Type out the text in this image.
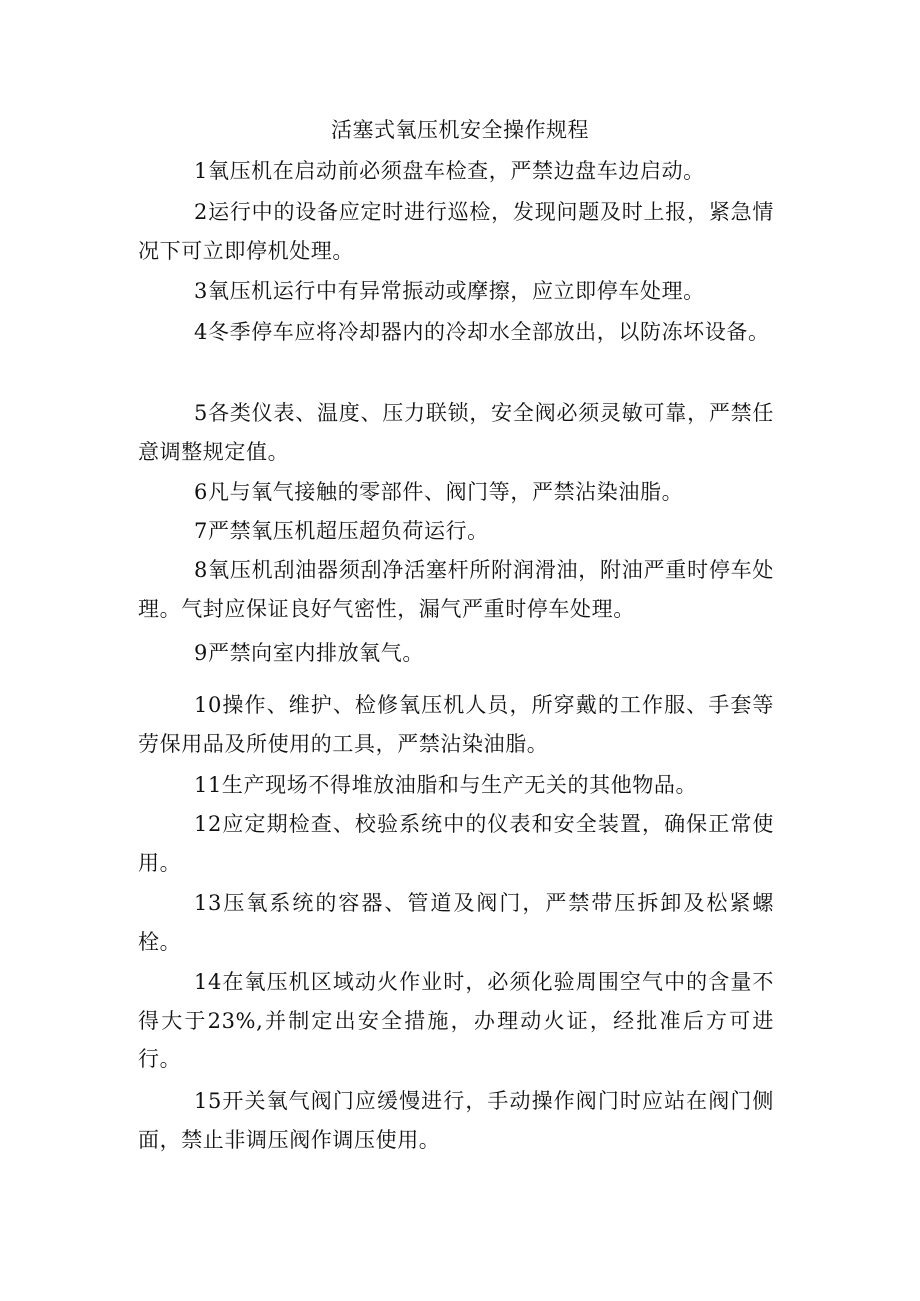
活塞式氧压机安全操作规程

1氧压机在启动前必须盘车检查，严禁边盘车边启动。

2运行中的设备应定时进行巡检，发现问题及时上报，紧急情况下可立即停机处理。

3氧压机运行中有异常振动或摩擦，应立即停车处理。

4冬季停车应将冷却器内的冷却水全部放出，以防冻坏设备。

5各类仪表、温度、压力联锁，安全阀必须灵敏可靠，严禁任意调整规定值。

6凡与氧气接触的零部件、阀门等，严禁沾染油脂。

7严禁氧压机超压超负荷运行。

8氧压机刮油器须刮净活塞杆所附润滑油，附油严重时停车处理。气封应保证良好气密性，漏气严重时停车处理。

9严禁向室内排放氧气。

10操作、维护、检修氧压机人员，所穿戴的工作服、手套等劳保用品及所使用的工具，严禁沾染油脂。

11生产现场不得堆放油脂和与生产无关的其他物品。

12应定期检查、校验系统中的仪表和安全装置，确保正常使用。

13压氧系统的容器、管道及阀门，严禁带压拆卸及松紧螺栓。

14在氧压机区域动火作业时，必须化验周围空气中的含量不得大于23%,并制定出安全措施，办理动火证，经批准后方可进行。

15开关氧气阀门应缓慢进行，手动操作阀门时应站在阀门侧面，禁止非调压阀作调压使用。
